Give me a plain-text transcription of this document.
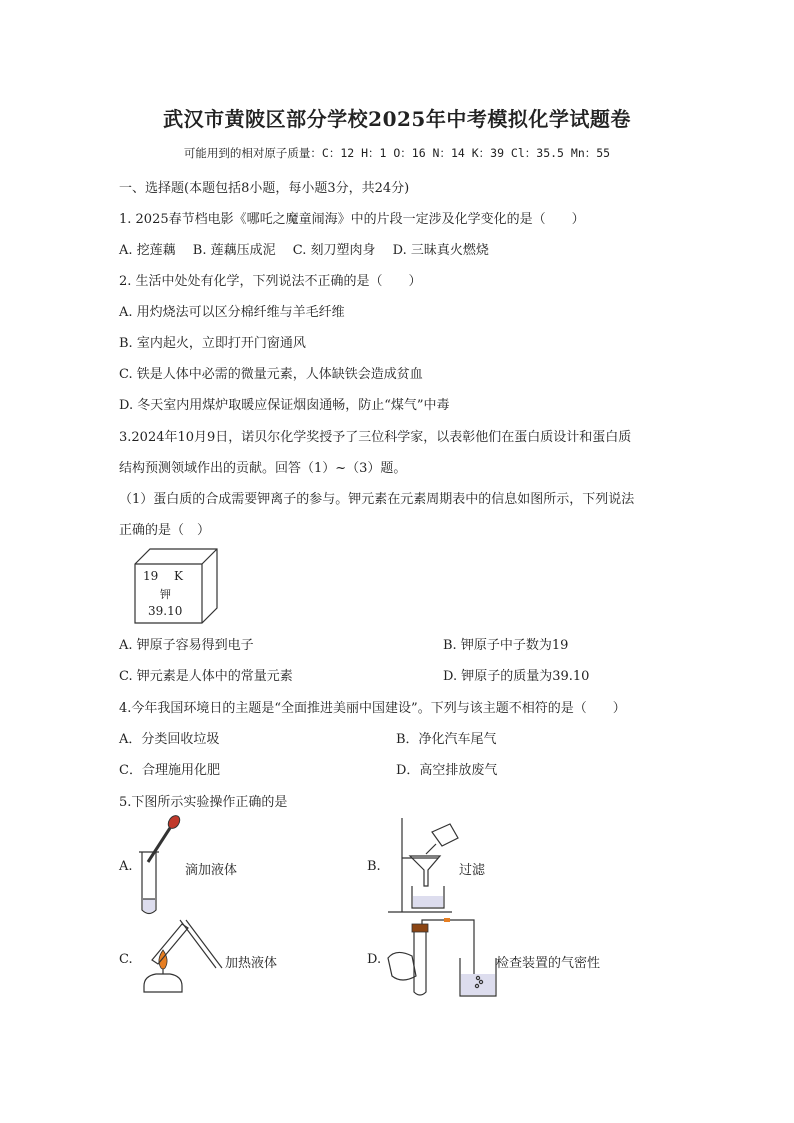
武汉市黄陂区部分学校2025年中考模拟化学试题卷
可能用到的相对原子质量：C：12 H：1 O：16 N：14 K：39 Cl：35.5 Mn：55
一、选择题(本题包括8小题，每小题3分，共24分)
1. 2025春节档电影《哪吒之魔童闹海》中的片段一定涉及化学变化的是（　　）
A. 挖莲藕　 B. 莲藕压成泥　 C. 刻刀塑肉身　 D. 三昧真火燃烧
2. 生活中处处有化学，下列说法不正确的是（　　）
A. 用灼烧法可以区分棉纤维与羊毛纤维
B. 室内起火，立即打开门窗通风
C. 铁是人体中必需的微量元素，人体缺铁会造成贫血
D. 冬天室内用煤炉取暖应保证烟囱通畅，防止“煤气”中毒
3.2024年10月9日，诺贝尔化学奖授予了三位科学家，以表彰他们在蛋白质设计和蛋白质
结构预测领域作出的贡献。回答（1）~（3）题。
（1）蛋白质的合成需要钾离子的参与。钾元素在元素周期表中的信息如图所示，下列说法
正确的是（　）
19 K
钾
39.10
A. 钾原子容易得到电子	B. 钾原子中子数为19
C. 钾元素是人体中的常量元素	D. 钾原子的质量为39.10
4.今年我国环境日的主题是“全面推进美丽中国建设”。下列与该主题不相符的是（　　）
A．分类回收垃圾	B．净化汽车尾气
C．合理施用化肥	D．高空排放废气
5.下图所示实验操作正确的是
A.	滴加液体	B.	过滤
C.	加热液体	D.	检查装置的气密性
